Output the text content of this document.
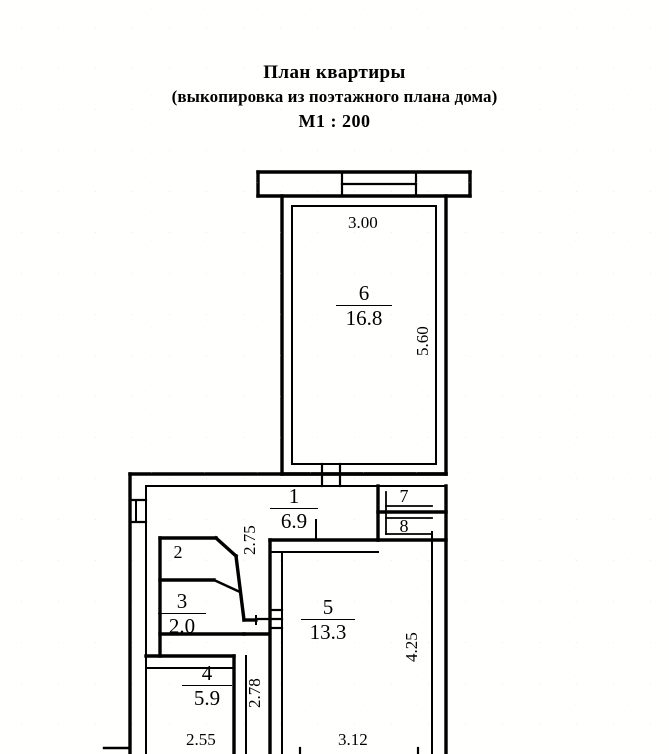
План квартиры
(выкопировка из поэтажного плана дома)
М1 : 200
6
16.8
1
6.9
7
8
2
3
2.0
5
13.3
4
5.9
3.00
5.60
2.75
2.78
4.25
2.55	3.12
